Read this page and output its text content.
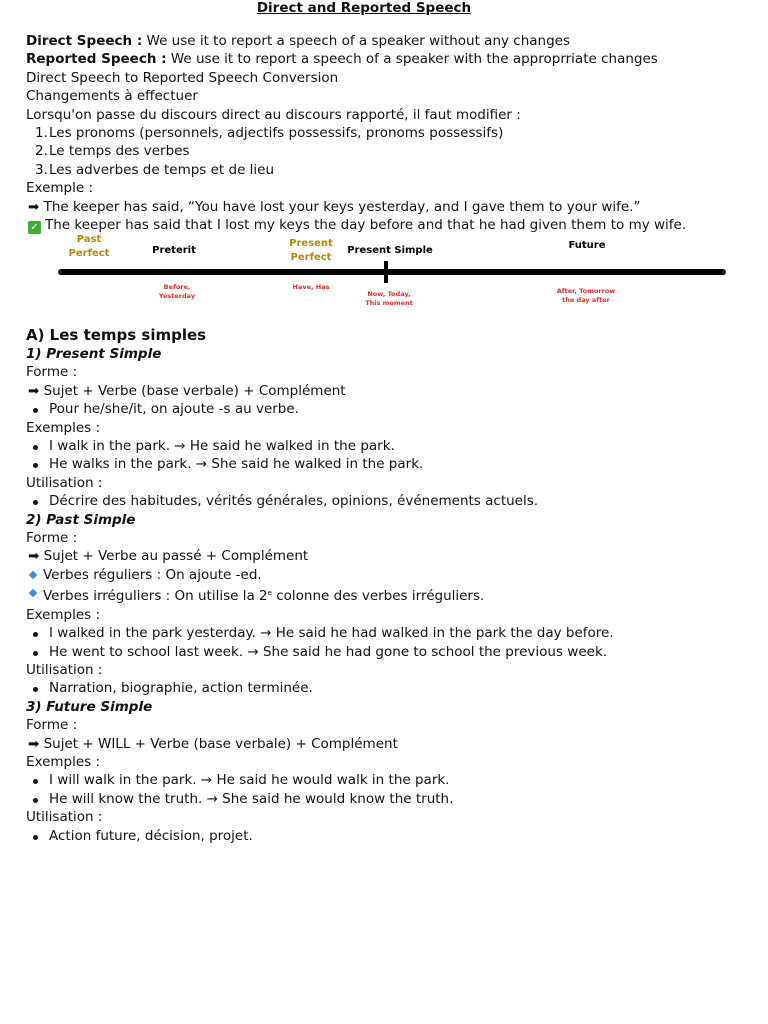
Direct and Reported Speech
Direct Speech : We use it to report a speech of a speaker without any changes
Reported Speech : We use it to report a speech of a speaker with the approprriate changes
Direct Speech to Reported Speech Conversion
Changements à effectuer
Lorsqu'on passe du discours direct au discours rapporté, il faut modifier :
1. Les pronoms (personnels, adjectifs possessifs, pronoms possessifs)
2. Le temps des verbes
3. Les adverbes de temps et de lieu
Exemple :
➡ The keeper has said, “You have lost your keys yesterday, and I gave them to your wife.”
✓ The keeper has said that I lost my keys the day before and that he had given them to my wife.
Past
Perfect	Preterit
Present
Perfect
Present Simple	Future
Before,
Yesterday
Have, Has
Now, Today,
This moment
After, Tomorrow
the day after
A) Les temps simples
1) Present Simple
Forme :
➡ Sujet + Verbe (base verbale) + Complément
Pour he/she/it, on ajoute -s au verbe.
Exemples :
I walk in the park. → He said he walked in the park.
He walks in the park. → She said he walked in the park.
Utilisation :
Décrire des habitudes, vérités générales, opinions, événements actuels.
2) Past Simple
Forme :
➡ Sujet + Verbe au passé + Complément
Verbes réguliers : On ajoute -ed.
Verbes irréguliers : On utilise la 2e colonne des verbes irréguliers.
Exemples :
I walked in the park yesterday. → He said he had walked in the park the day before.
He went to school last week. → She said he had gone to school the previous week.
Utilisation :
Narration, biographie, action terminée.
3) Future Simple
Forme :
➡ Sujet + WILL + Verbe (base verbale) + Complément
Exemples :
I will walk in the park. → He said he would walk in the park.
He will know the truth. → She said he would know the truth.
Utilisation :
Action future, décision, projet.
